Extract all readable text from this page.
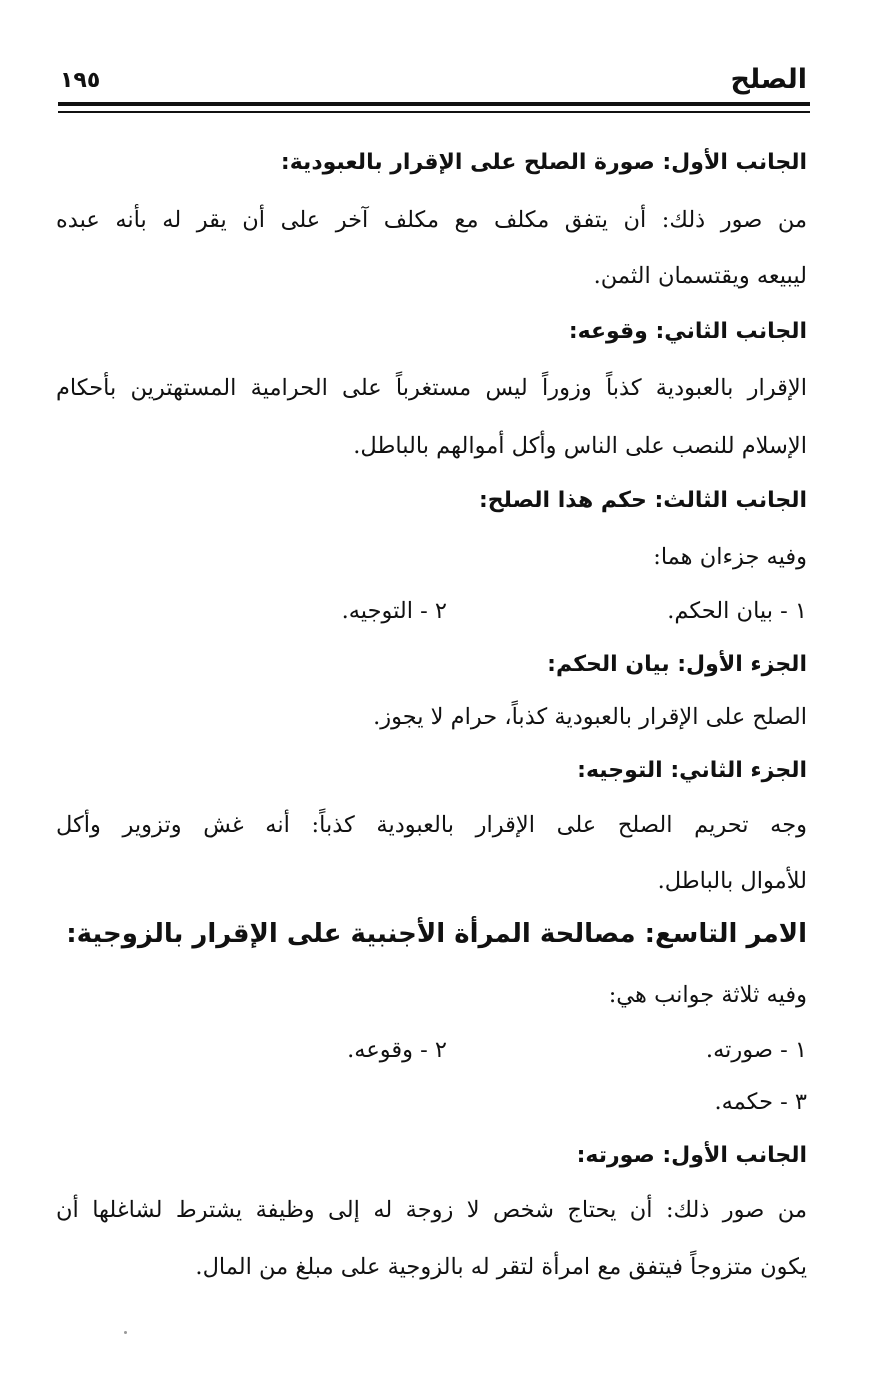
الصلح
١٩٥
الجانب الأول: صورة الصلح على الإقرار بالعبودية:
من صور ذلك: أن يتفق مكلف مع مكلف آخر على أن يقر له بأنه عبده
ليبيعه ويقتسمان الثمن.
الجانب الثاني: وقوعه:
الإقرار بالعبودية كذباً وزوراً ليس مستغرباً على الحرامية المستهترين بأحكام
الإسلام للنصب على الناس وأكل أموالهم بالباطل.
الجانب الثالث: حكم هذا الصلح:
وفيه جزءان هما:
١ - بيان الحكم.
٢ - التوجيه.
الجزء الأول: بيان الحكم:
الصلح على الإقرار بالعبودية كذباً، حرام لا يجوز.
الجزء الثاني: التوجيه:
وجه تحريم الصلح على الإقرار بالعبودية كذباً: أنه غش وتزوير وأكل
للأموال بالباطل.
الامر التاسع: مصالحة المرأة الأجنبية على الإقرار بالزوجية:
وفيه ثلاثة جوانب هي:
١ - صورته.
٢ - وقوعه.
٣ - حكمه.
الجانب الأول: صورته:
من صور ذلك: أن يحتاج شخص لا زوجة له إلى وظيفة يشترط لشاغلها أن
يكون متزوجاً فيتفق مع امرأة لتقر له بالزوجية على مبلغ من المال.
